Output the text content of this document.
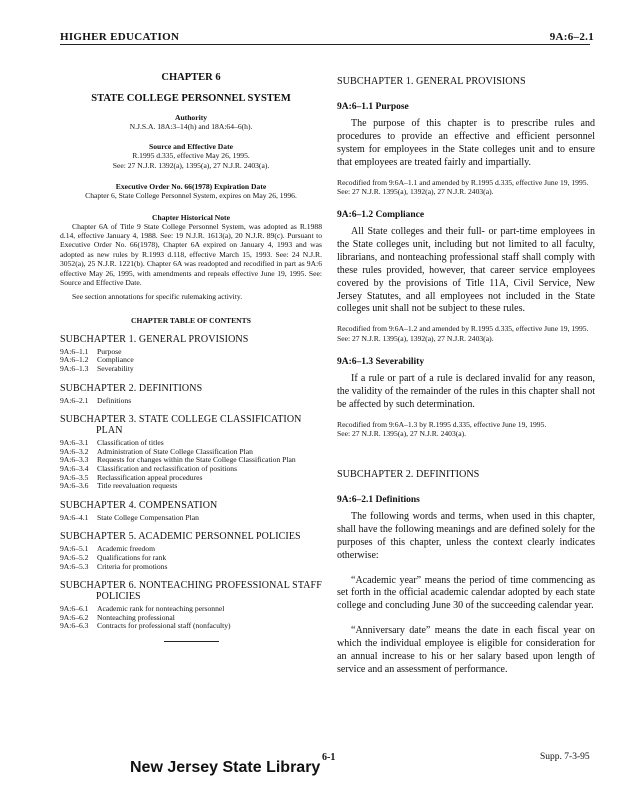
HIGHER EDUCATION	9A:6–2.1
CHAPTER 6
STATE COLLEGE PERSONNEL SYSTEM
Authority
N.J.S.A. 18A:3–14(h) and 18A:64–6(h).
Source and Effective Date
R.1995 d.335, effective May 26, 1995.
See: 27 N.J.R. 1392(a), 1395(a), 27 N.J.R. 2403(a).
Executive Order No. 66(1978) Expiration Date
Chapter 6, State College Personnel System, expires on May 26, 1996.
Chapter Historical Note
Chapter 6A of Title 9 State College Personnel System, was adopted as R.1988 d.14, effective January 4, 1988. See: 19 N.J.R. 1613(a), 20 N.J.R. 89(c). Pursuant to Executive Order No. 66(1978), Chapter 6A expired on January 4, 1993 and was adopted as new rules by R.1993 d.118, effective March 15, 1993. See: 24 N.J.R. 3052(a), 25 N.J.R. 1221(b). Chapter 6A was readopted and recodified in part as 9A:6 effective May 26, 1995, with amendments and repeals effective June 19, 1995. See: Source and Effective Date.
See section annotations for specific rulemaking activity.
CHAPTER TABLE OF CONTENTS
SUBCHAPTER 1. GENERAL PROVISIONS
9A:6–1.1	Purpose
9A:6–1.2	Compliance
9A:6–1.3	Severability
SUBCHAPTER 2. DEFINITIONS
9A:6–2.1	Definitions
SUBCHAPTER 3. STATE COLLEGE CLASSIFICATION PLAN
9A:6–3.1	Classification of titles
9A:6–3.2	Administration of State College Classification Plan
9A:6–3.3	Requests for changes within the State College Classification Plan
9A:6–3.4	Classification and reclassification of positions
9A:6–3.5	Reclassification appeal procedures
9A:6–3.6	Title reevaluation requests
SUBCHAPTER 4. COMPENSATION
9A:6–4.1	State College Compensation Plan
SUBCHAPTER 5. ACADEMIC PERSONNEL POLICIES
9A:6–5.1	Academic freedom
9A:6–5.2	Qualifications for rank
9A:6–5.3	Criteria for promotions
SUBCHAPTER 6. NONTEACHING PROFESSIONAL STAFF POLICIES
9A:6–6.1	Academic rank for nonteaching personnel
9A:6–6.2	Nonteaching professional
9A:6–6.3	Contracts for professional staff (nonfaculty)
SUBCHAPTER 1. GENERAL PROVISIONS
9A:6–1.1 Purpose
The purpose of this chapter is to prescribe rules and procedures to provide an effective and efficient personnel system for employees in the State colleges unit and to ensure that employees are treated fairly and impartially.
Recodified from 9:6A–1.1 and amended by R.1995 d.335, effective June 19, 1995.
See: 27 N.J.R. 1395(a), 1392(a), 27 N.J.R. 2403(a).
9A:6–1.2 Compliance
All State colleges and their full- or part-time employees in the State colleges unit, including but not limited to all faculty, librarians, and nonteaching professional staff shall comply with these rules provided, however, that career service employees covered by the provisions of Title 11A, Civil Service, New Jersey Statutes, and all employees not included in the State colleges unit shall not be subject to these rules.
Recodified from 9:6A–1.2 and amended by R.1995 d.335, effective June 19, 1995.
See: 27 N.J.R. 1395(a), 1392(a), 27 N.J.R. 2403(a).
9A:6–1.3 Severability
If a rule or part of a rule is declared invalid for any reason, the validity of the remainder of the rules in this chapter shall not be affected by such determination.
Recodified from 9:6A–1.3 by R.1995 d.335, effective June 19, 1995.
See: 27 N.J.R. 1395(a), 27 N.J.R. 2403(a).
SUBCHAPTER 2. DEFINITIONS
9A:6–2.1 Definitions
The following words and terms, when used in this chapter, shall have the following meanings and are defined solely for the purposes of this chapter, unless the context clearly indicates otherwise:
“Academic year” means the period of time commencing as set forth in the official academic calendar adopted by each state college and concluding June 30 of the succeeding calendar year.
“Anniversary date” means the date in each fiscal year on which the individual employee is eligible for consideration for an annual increase to his or her salary based upon length of service and an assessment of performance.
New Jersey State Library
6-1	Supp. 7-3-95
